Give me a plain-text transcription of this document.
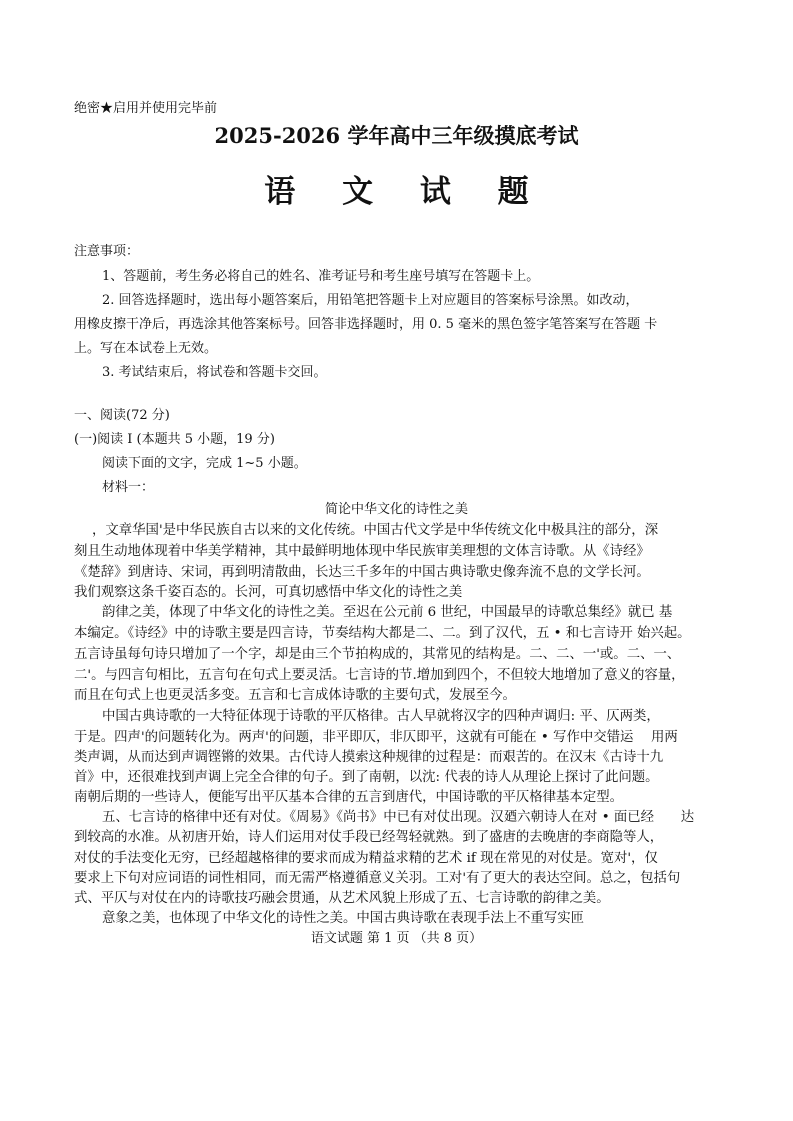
绝密★启用并使用完毕前
2025-2026 学年高中三年级摸底考试
语 文 试 题
注意事项：
1、答题前，考生务必将自己的姓名、准考证号和考生座号填写在答题卡上。
2. 回答选择题时，选出每小题答案后，用铅笔把答题卡上对应题目的答案标号涂黑。如改动，
用橡皮擦干净后，再选涂其他答案标号。回答非选择题时，用 0. 5 毫米的黑色签字笔答案写在答题 卡
上。写在本试卷上无效。
3. 考试结束后，将试卷和答题卡交回。
一、阅读(72 分)
(一)阅读 I (本题共 5 小题，19 分)
阅读下面的文字，完成 1~5 小题。
材料一：
简论中华文化的诗性之美
，文章华国'是中华民族自古以来的文化传统。中国古代文学是中华传统文化中极具注的部分，深
刻且生动地体现着中华美学精神，其中最鲜明地体现中华民族审美理想的文体言诗歌。从《诗经》
《楚辞》到唐诗、宋词，再到明清散曲，长达三千多年的中国古典诗歌史像奔流不息的文学长河。
我们观察这条千姿百态的。长河，可真切感悟中华文化的诗性之美
韵律之美，体现了中华文化的诗性之美。至迟在公元前 6 世纪，中国最早的诗歌总集经》就已 基
本编定。《诗经》中的诗歌主要是四言诗，节奏结构大都是二、二。到了汉代，五 • 和七言诗开 始兴起。
五言诗虽每句诗只增加了一个字，却是由三个节拍构成的，其常见的结构是。二、二、一'或。二、一、
二'。与四言句相比，五言句在句式上要灵活。七言诗的节.增加到四个，不但较大地增加了意义的容量，
而且在句式上也更灵活多变。五言和七言成体诗歌的主要句式，发展至今。
中国古典诗歌的一大特征体现于诗歌的平仄格律。古人早就将汉字的四种声调归: 平、仄两类，
于是。四声'的问题转化为。两声'的问题，非平即仄，非仄即平，这就有可能在 • 写作中交错运　 用两
类声调，从而达到声调铿锵的效果。古代诗人摸索这种规律的过程是：而艰苦的。在汉末《古诗十九
首》中，还很难找到声调上完全合律的句子。到了南朝，以沈: 代表的诗人从理论上探讨了此问题。
南朝后期的一些诗人，便能写出平仄基本合律的五言到唐代，中国诗歌的平仄格律基本定型。
五、七言诗的格律中还有对仗。《周易》《尚书》中已有对仗出现。汉廼六朝诗人在对 • 面已经　　达
到较高的水准。从初唐开始，诗人们运用对仗手段已经驾轻就熟。到了盛唐的去晚唐的李商隐等人，
对仗的手法变化无穷，已经超越格律的要求而成为精益求精的艺术 if 现在常见的对仗是。宽对'，仅
要求上下句对应词语的词性相同，而无需严格遵循意义关羽。工对'有了更大的表达空间。总之，包括句
式、平仄与对仗在内的诗歌技巧融会贯通，从艺术风貌上形成了五、七言诗歌的韵律之美。
意象之美，也体现了中华文化的诗性之美。中国古典诗歌在表现手法上不重写实匝
语文试题 第 1 页 （共 8 页）
